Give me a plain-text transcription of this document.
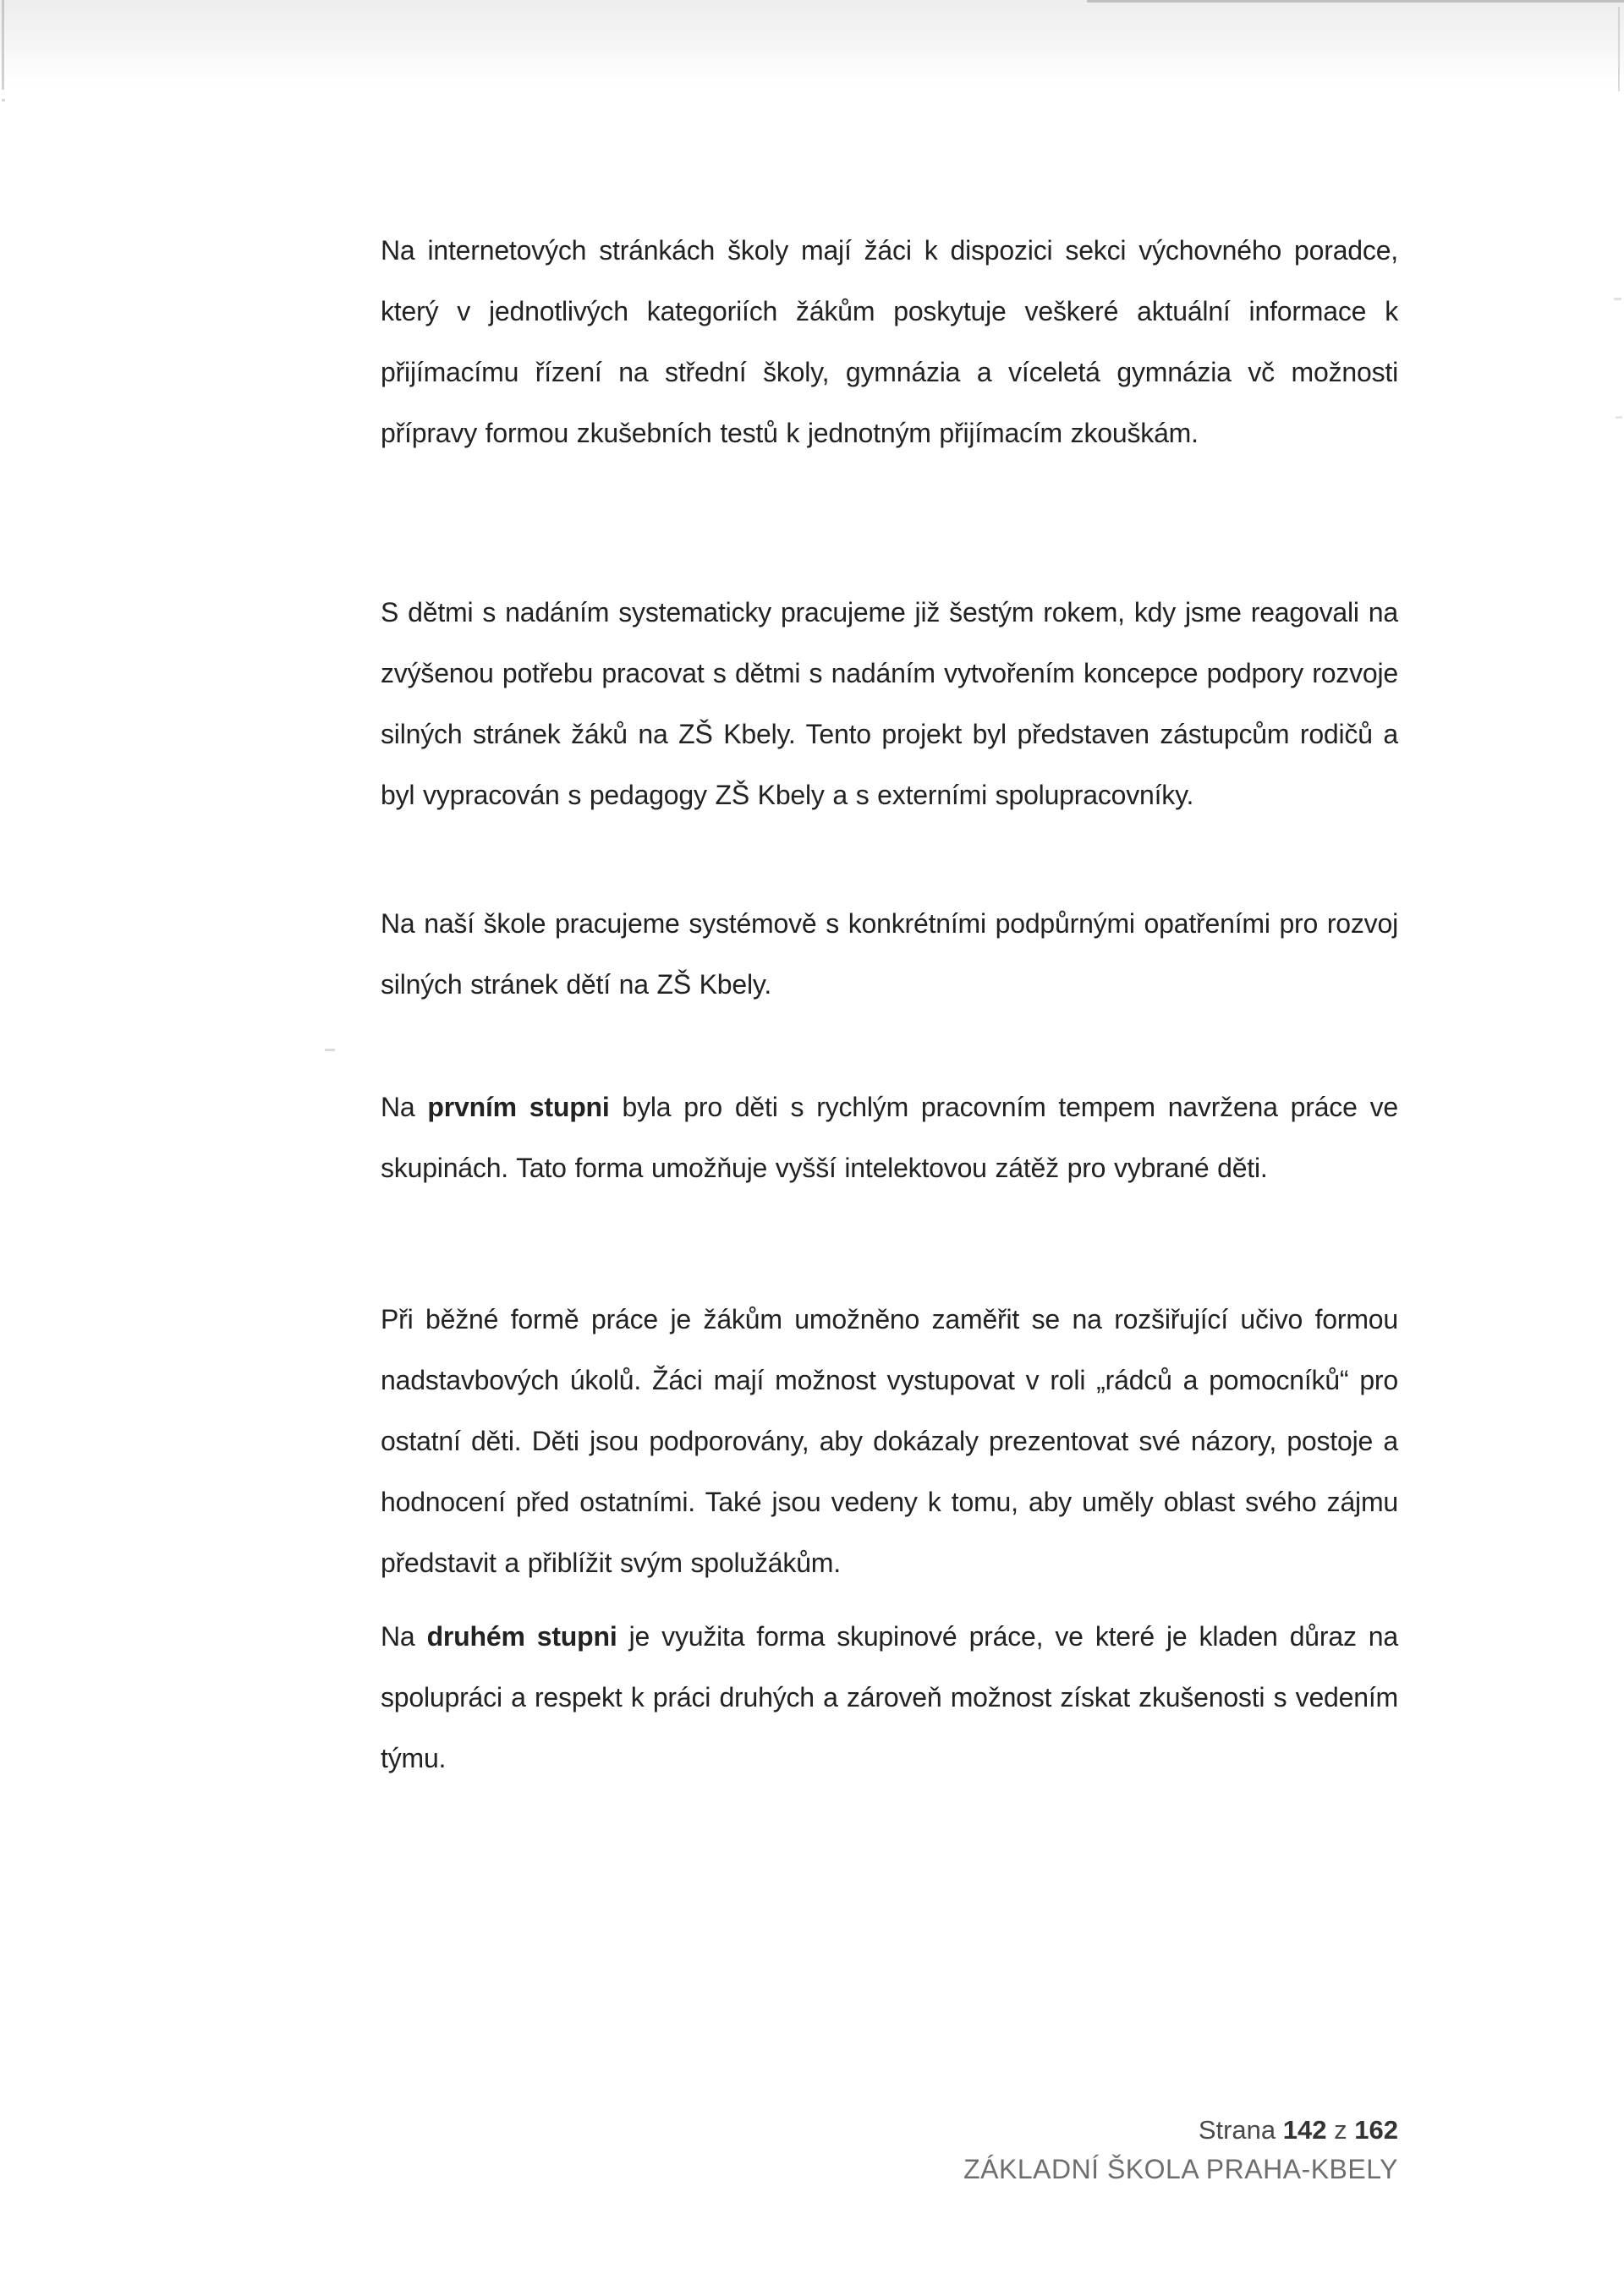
Na internetových stránkách školy mají žáci k dispozici sekci výchovného poradce, který v jednotlivých kategoriích žákům poskytuje veškeré aktuální informace k přijímacímu řízení na střední školy, gymnázia a víceletá gymnázia vč možnosti přípravy formou zkušebních testů k jednotným přijímacím zkouškám.

S dětmi s nadáním systematicky pracujeme již šestým rokem, kdy jsme reagovali na zvýšenou potřebu pracovat s dětmi s nadáním vytvořením koncepce podpory rozvoje silných stránek žáků na ZŠ Kbely. Tento projekt byl představen zástupcům rodičů a byl vypracován s pedagogy ZŠ Kbely a s externími spolupracovníky.

Na naší škole pracujeme systémově s konkrétními podpůrnými opatřeními pro rozvoj silných stránek dětí na ZŠ Kbely.

Na prvním stupni byla pro děti s rychlým pracovním tempem navržena práce ve skupinách. Tato forma umožňuje vyšší intelektovou zátěž pro vybrané děti.

Při běžné formě práce je žákům umožněno zaměřit se na rozšiřující učivo formou nadstavbových úkolů. Žáci mají možnost vystupovat v roli „rádců a pomocníků“ pro ostatní děti. Děti jsou podporovány, aby dokázaly prezentovat své názory, postoje a hodnocení před ostatními. Také jsou vedeny k tomu, aby uměly oblast svého zájmu představit a přiblížit svým spolužákům.

Na druhém stupni je využita forma skupinové práce, ve které je kladen důraz na spolupráci a respekt k práci druhých a zároveň možnost získat zkušenosti s vedením týmu.

Strana 142 z 162
ZÁKLADNÍ ŠKOLA PRAHA-KBELY
